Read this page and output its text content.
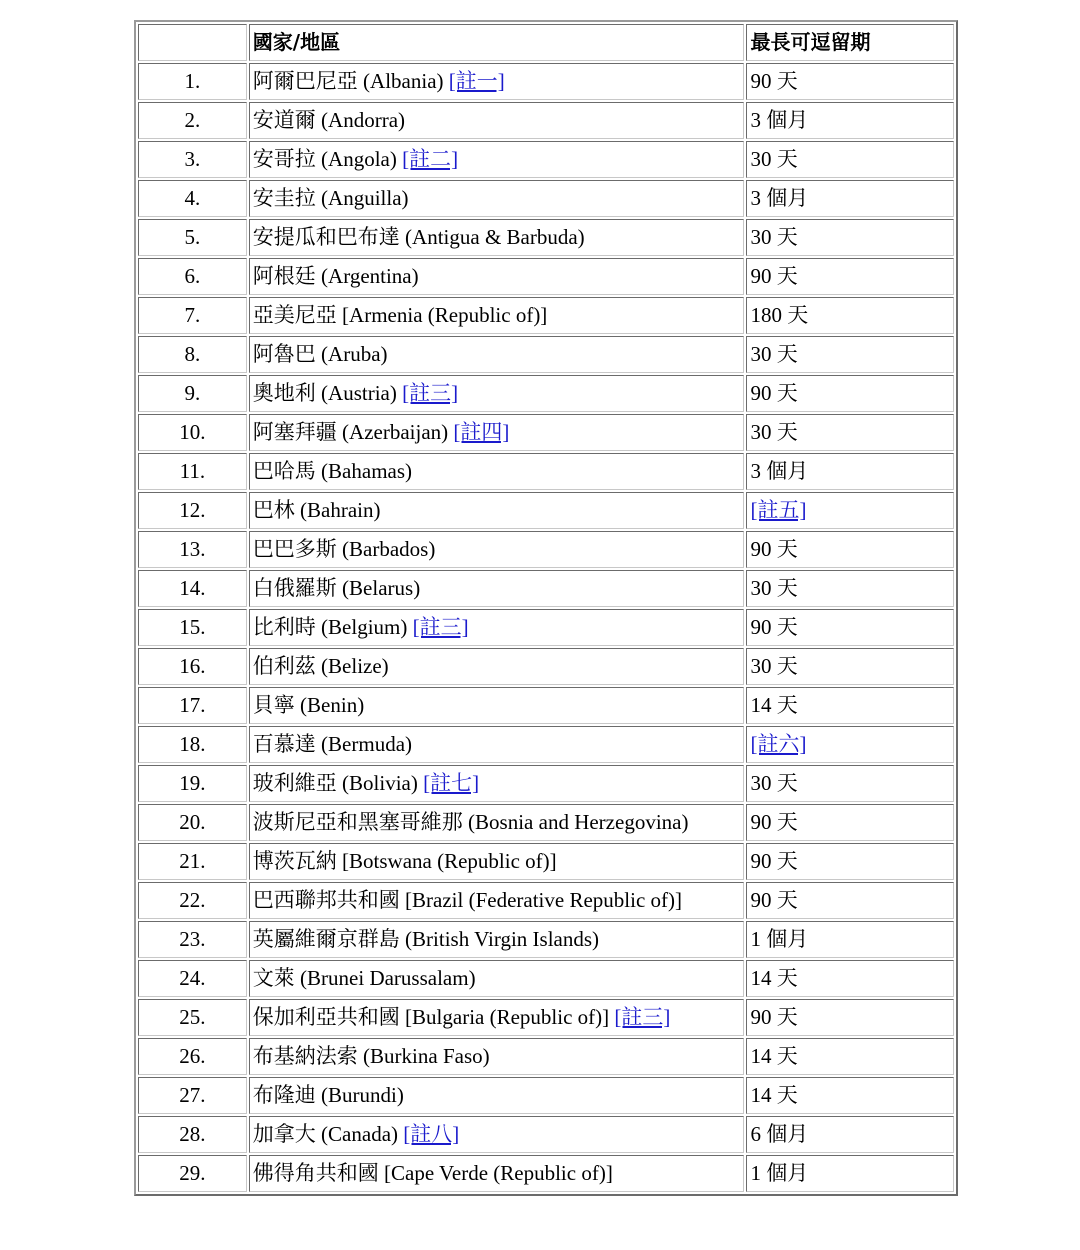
	國家/地區	最長可逗留期
1.	阿爾巴尼亞 (Albania) [註一]	90 天
2.	安道爾 (Andorra)	3 個月
3.	安哥拉 (Angola) [註二]	30 天
4.	安圭拉 (Anguilla)	3 個月
5.	安提瓜和巴布達 (Antigua & Barbuda)	30 天
6.	阿根廷 (Argentina)	90 天
7.	亞美尼亞 [Armenia (Republic of)]	180 天
8.	阿魯巴 (Aruba)	30 天
9.	奧地利 (Austria) [註三]	90 天
10.	阿塞拜疆 (Azerbaijan) [註四]	30 天
11.	巴哈馬 (Bahamas)	3 個月
12.	巴林 (Bahrain)	[註五]
13.	巴巴多斯 (Barbados)	90 天
14.	白俄羅斯 (Belarus)	30 天
15.	比利時 (Belgium) [註三]	90 天
16.	伯利茲 (Belize)	30 天
17.	貝寧 (Benin)	14 天
18.	百慕達 (Bermuda)	[註六]
19.	玻利維亞 (Bolivia) [註七]	30 天
20.	波斯尼亞和黑塞哥維那 (Bosnia and Herzegovina)	90 天
21.	博茨瓦納 [Botswana (Republic of)]	90 天
22.	巴西聯邦共和國 [Brazil (Federative Republic of)]	90 天
23.	英屬維爾京群島 (British Virgin Islands)	1 個月
24.	文萊 (Brunei Darussalam)	14 天
25.	保加利亞共和國 [Bulgaria (Republic of)] [註三]	90 天
26.	布基納法索 (Burkina Faso)	14 天
27.	布隆迪 (Burundi)	14 天
28.	加拿大 (Canada) [註八]	6 個月
29.	佛得角共和國 [Cape Verde (Republic of)]	1 個月
